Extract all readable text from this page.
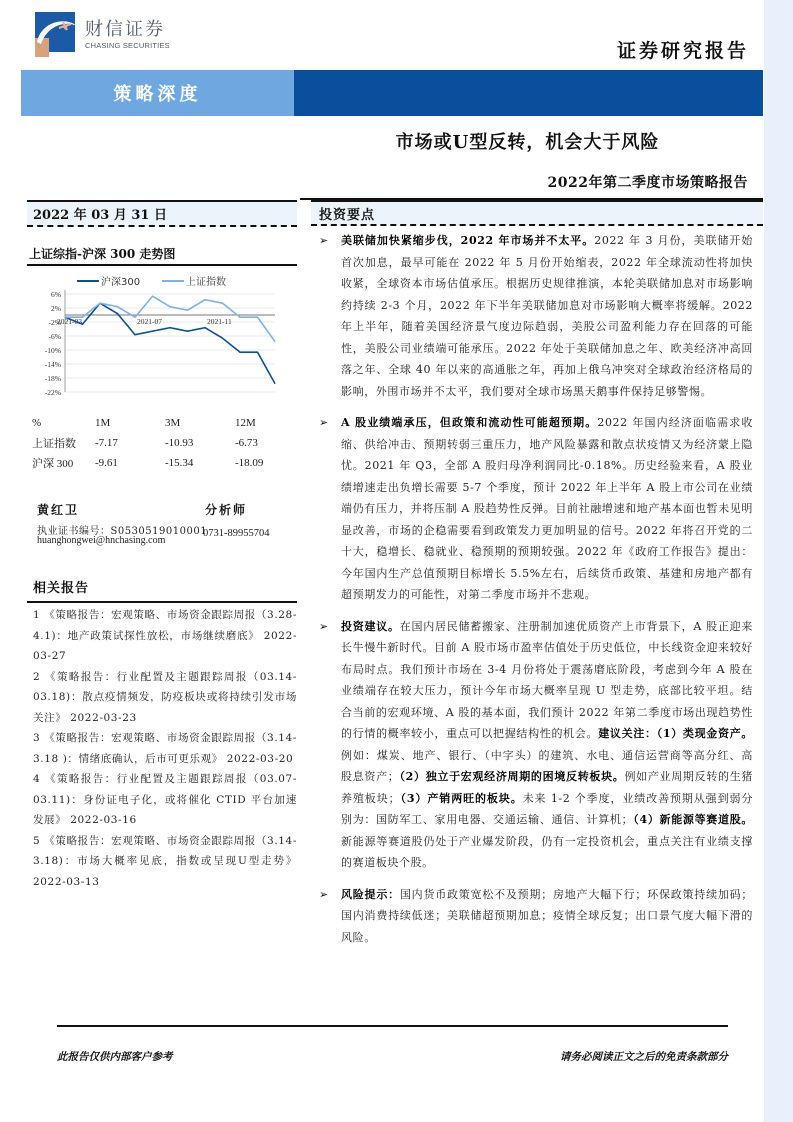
财信证券
CHASING SECURITIES	证券研究报告
策略深度
市场或U型反转，机会大于风险
2022年第二季度市场策略报告
2022 年 03 月 31 日
上证综指-沪深 300 走势图
6%
2%
-2%
-6%
-10%
-14%
-18%
-22%
2021-03	2021-07	2021-11
沪深300	上证指数
%	1M	3M	12M
上证指数	-7.17	-10.93	-6.73
沪深 300	-9.61	-15.34	-18.09
黄红卫	分析师
执业证书编号：S0530519010001
huanghongwei@hnchasing.com
0731-89955704
相关报告
1 《策略报告：宏观策略、市场资金跟踪周报（3.28-4.1)：地产政策试探性放松，市场继续磨底》 2022-03-27
2 《策略报告：行业配置及主题跟踪周报（03.14-03.18)：散点疫情频发，防疫板块或将持续引发市场关注》 2022-03-23
3 《策略报告：宏观策略、市场资金跟踪周报（3.14-3.18 )：情绪底确认，后市可更乐观》 2022-03-20
4 《策略报告：行业配置及主题跟踪周报（03.07-03.11)：身份证电子化，或将催化 CTID 平台加速发展》 2022-03-16
5 《策略报告：宏观策略、市场资金跟踪周报（3.14-3.18)：市场大概率见底，指数或呈现U型走势》 2022-03-13
投资要点
➢ 美联储加快紧缩步伐，2022 年市场并不太平。2022 年 3 月份，美联储开始首次加息，最早可能在 2022 年 5 月份开始缩表，2022 年全球流动性将加快收紧，全球资本市场估值承压。根据历史规律推演，本轮美联储加息对市场影响约持续 2-3 个月，2022 年下半年美联储加息对市场影响大概率将缓解。2022 年上半年，随着美国经济景气度边际趋弱，美股公司盈利能力存在回落的可能性，美股公司业绩端可能承压。2022 年处于美联储加息之年、欧美经济冲高回落之年、全球 40 年以来的高通胀之年，再加上俄乌冲突对全球政治经济格局的影响，外围市场并不太平，我们要对全球市场黑天鹅事件保持足够警惕。
➢ A 股业绩端承压，但政策和流动性可能超预期。2022 年国内经济面临需求收缩、供给冲击、预期转弱三重压力，地产风险暴露和散点状疫情又为经济蒙上隐忧。2021 年 Q3，全部 A 股归母净利润同比-0.18%。历史经验来看，A 股业绩增速走出负增长需要 5-7 个季度，预计 2022 年上半年 A 股上市公司在业绩端仍有压力，并将压制 A 股趋势性反弹。目前社融增速和地产基本面也暂未见明显改善，市场的企稳需要看到政策发力更加明显的信号。2022 年将召开党的二十大，稳增长、稳就业、稳预期的预期较强。2022 年《政府工作报告》提出：今年国内生产总值预期目标增长 5.5%左右，后续货币政策、基建和房地产都有超预期发力的可能性，对第二季度市场并不悲观。
➢ 投资建议。在国内居民储蓄搬家、注册制加速优质资产上市背景下，A 股正迎来长牛慢牛新时代。目前 A 股市场市盈率估值处于历史低位，中长线资金迎来较好布局时点。我们预计市场在 3-4 月份将处于震荡磨底阶段，考虑到今年 A 股在业绩端存在较大压力，预计今年市场大概率呈现 U 型走势，底部比较平坦。结合当前的宏观环境、A 股的基本面，我们预计 2022 年第二季度市场出现趋势性的行情的概率较小，重点可以把握结构性的机会。建议关注：（1）类现金资产。例如：煤炭、地产、银行、（中字头）的建筑、水电、通信运营商等高分红、高股息资产；（2）独立于宏观经济周期的困境反转板块。例如产业周期反转的生猪养殖板块；（3）产销两旺的板块。未来 1-2 个季度，业绩改善预期从强到弱分别为：国防军工、家用电器、交通运输、通信、计算机；（4）新能源等赛道股。新能源等赛道股仍处于产业爆发阶段，仍有一定投资机会，重点关注有业绩支撑的赛道板块个股。
➢ 风险提示：国内货币政策宽松不及预期；房地产大幅下行；环保政策持续加码；国内消费持续低迷；美联储超预期加息；疫情全球反复；出口景气度大幅下滑的风险。
此报告仅供内部客户参考	请务必阅读正文之后的免责条款部分
